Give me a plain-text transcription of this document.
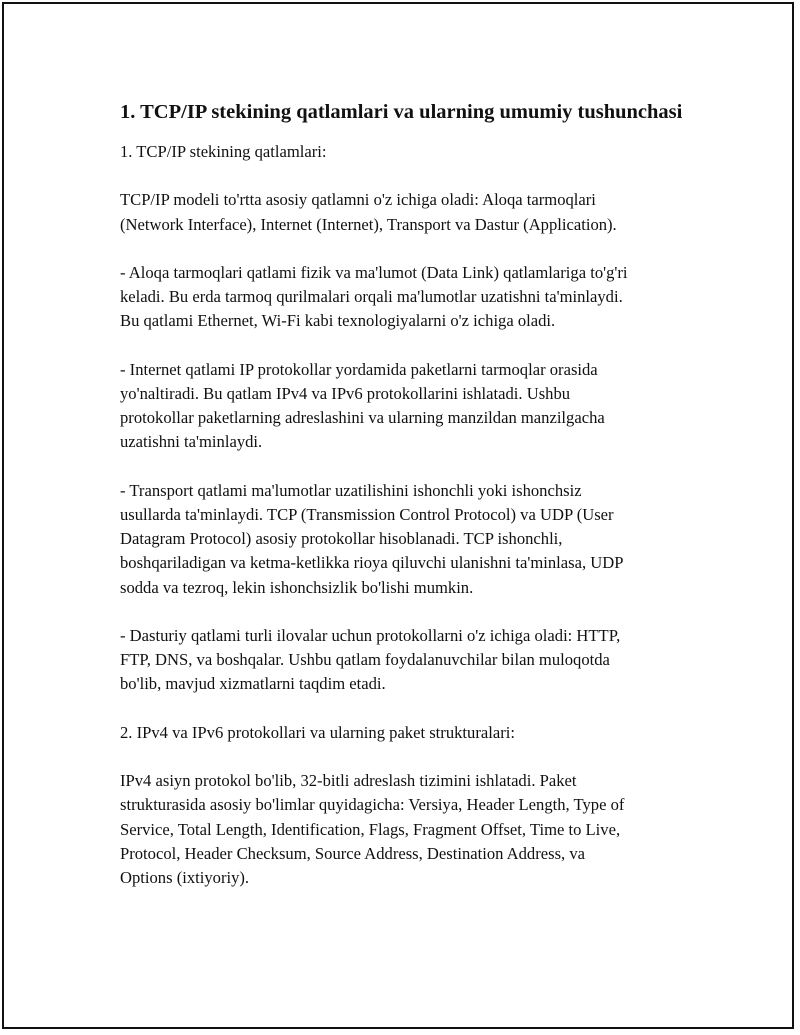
1. TCP/IP stekining qatlamlari va ularning umumiy tushunchasi

1. TCP/IP stekining qatlamlari:

TCP/IP modeli to'rtta asosiy qatlamni o'z ichiga oladi: Aloqa tarmoqlari
(Network Interface), Internet (Internet), Transport va Dastur (Application).

- Aloqa tarmoqlari qatlami fizik va ma'lumot (Data Link) qatlamlariga to'g'ri
keladi. Bu erda tarmoq qurilmalari orqali ma'lumotlar uzatishni ta'minlaydi.
Bu qatlami Ethernet, Wi-Fi kabi texnologiyalarni o'z ichiga oladi.

- Internet qatlami IP protokollar yordamida paketlarni tarmoqlar orasida
yo'naltiradi. Bu qatlam IPv4 va IPv6 protokollarini ishlatadi. Ushbu
protokollar paketlarning adreslashini va ularning manzildan manzilgacha
uzatishni ta'minlaydi.

- Transport qatlami ma'lumotlar uzatilishini ishonchli yoki ishonchsiz
usullarda ta'minlaydi. TCP (Transmission Control Protocol) va UDP (User
Datagram Protocol) asosiy protokollar hisoblanadi. TCP ishonchli,
boshqariladigan va ketma-ketlikka rioya qiluvchi ulanishni ta'minlasa, UDP
sodda va tezroq, lekin ishonchsizlik bo'lishi mumkin.

- Dasturiy qatlami turli ilovalar uchun protokollarni o'z ichiga oladi: HTTP,
FTP, DNS, va boshqalar. Ushbu qatlam foydalanuvchilar bilan muloqotda
bo'lib, mavjud xizmatlarni taqdim etadi.

2. IPv4 va IPv6 protokollari va ularning paket strukturalari:

IPv4 asiyn protokol bo'lib, 32-bitli adreslash tizimini ishlatadi. Paket
strukturasida asosiy bo'limlar quyidagicha: Versiya, Header Length, Type of
Service, Total Length, Identification, Flags, Fragment Offset, Time to Live,
Protocol, Header Checksum, Source Address, Destination Address, va
Options (ixtiyoriy).
